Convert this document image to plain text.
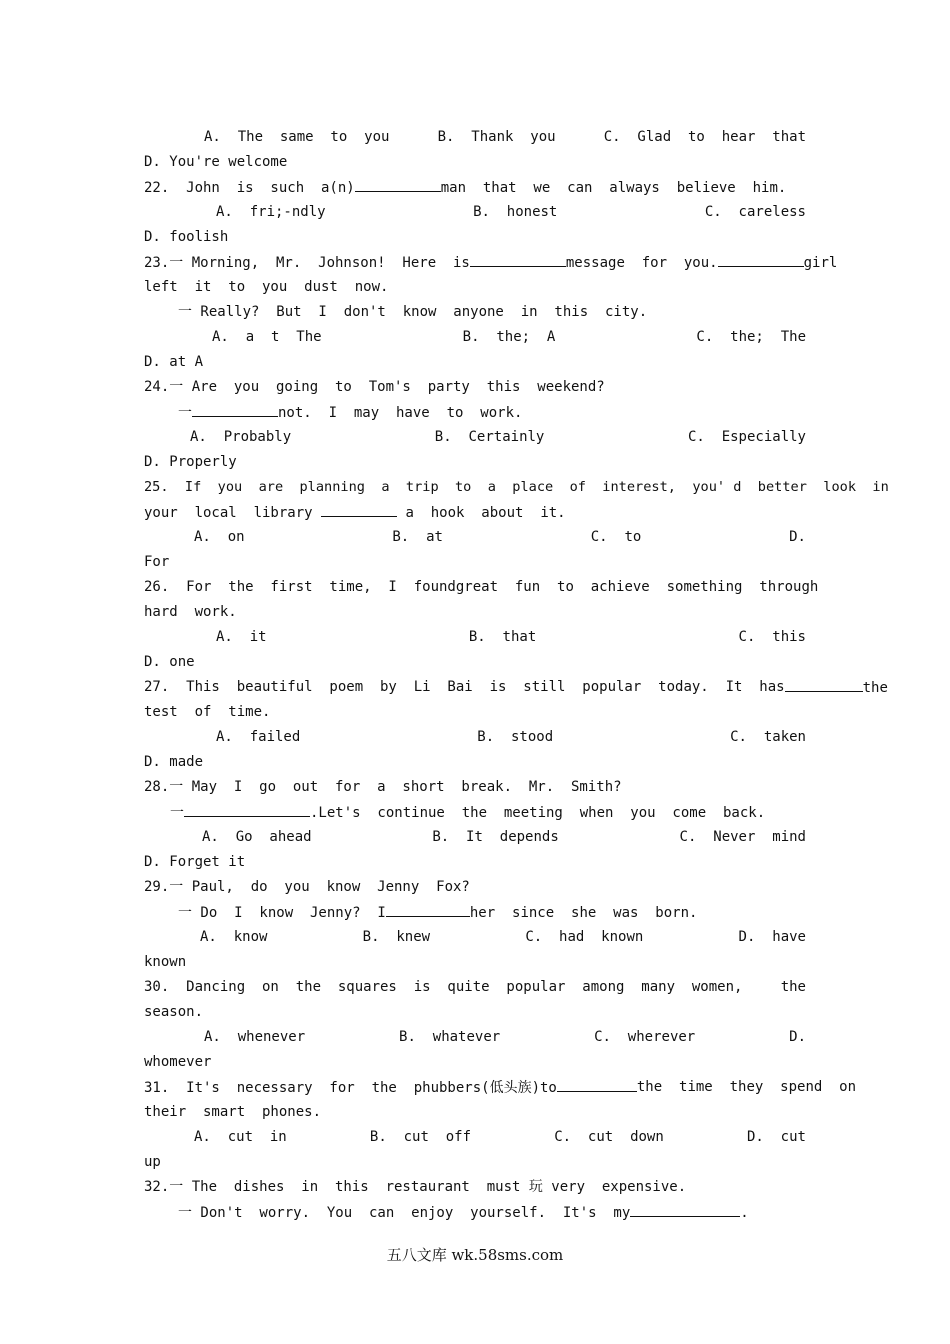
A.  The  same  to  you	B.  Thank  you	C.  Glad  to  hear  that
D. You're welcome
22.  John  is  such  a(n)	man  that  we  can  always  believe  him.
A.  fri;-ndly	B.  honest	C.  careless
D. foolish
23.一 Morning,  Mr.  Johnson!  Here  is	message  for  you.	girl
left  it  to  you  dust  now.
一 Really?  But  I  don't  know  anyone  in  this  city.
A.  a  t  The	B.  the;  A	C.  the;  The
D. at A
24.一 Are  you  going  to  Tom's  party  this  weekend?
一	not.  I  may  have  to  work.
A.  Probably	B.  Certainly	C.  Especially
D. Properly
25.  If  you  are  planning  a  trip  to  a  place  of  interest,  you' d  better  look  in
your  local  library	a  hook  about  it.
A.  on	B.  at	C.  to	D.
For
26.  For  the  first  time,  I  found great  fun  to  achieve  something  through
hard  work.
A.  it	B.  that	C.  this
D. one
27.  This  beautiful  poem  by  Li  Bai  is  still  popular  today.  It  has	the
test  of  time.
A.  failed	B.  stood	C.  taken
D. made
28.一 May  I  go  out  for  a  short  break.  Mr.  Smith?
一	.Let's  continue  the  meeting  when  you  come  back.
A.  Go  ahead	B.  It  depends	C.  Never  mind
D. Forget it
29.一 Paul,  do  you  know  Jenny  Fox?
一 Do  I  know  Jenny?  I	her  since  she  was  born.
A.  know	B.  knew	C.  had  known	D.  have
known
30.  Dancing  on  the  squares  is  quite  popular  among  many  women,	the
season.
A.  whenever	B.  whatever	C.  wherever	D.
whomever
31.  It's  necessary  for  the  phubbers(低头族)to	the  time  they  spend  on
their  smart  phones.
A.  cut  in	B.  cut  off	C.  cut  down	D.  cut
up
32.一 The  dishes  in  this  restaurant  must 玩 very  expensive.
一 Don't  worry.  You  can  enjoy  yourself.  It's  my	.
五八文库 wk.58sms.com
